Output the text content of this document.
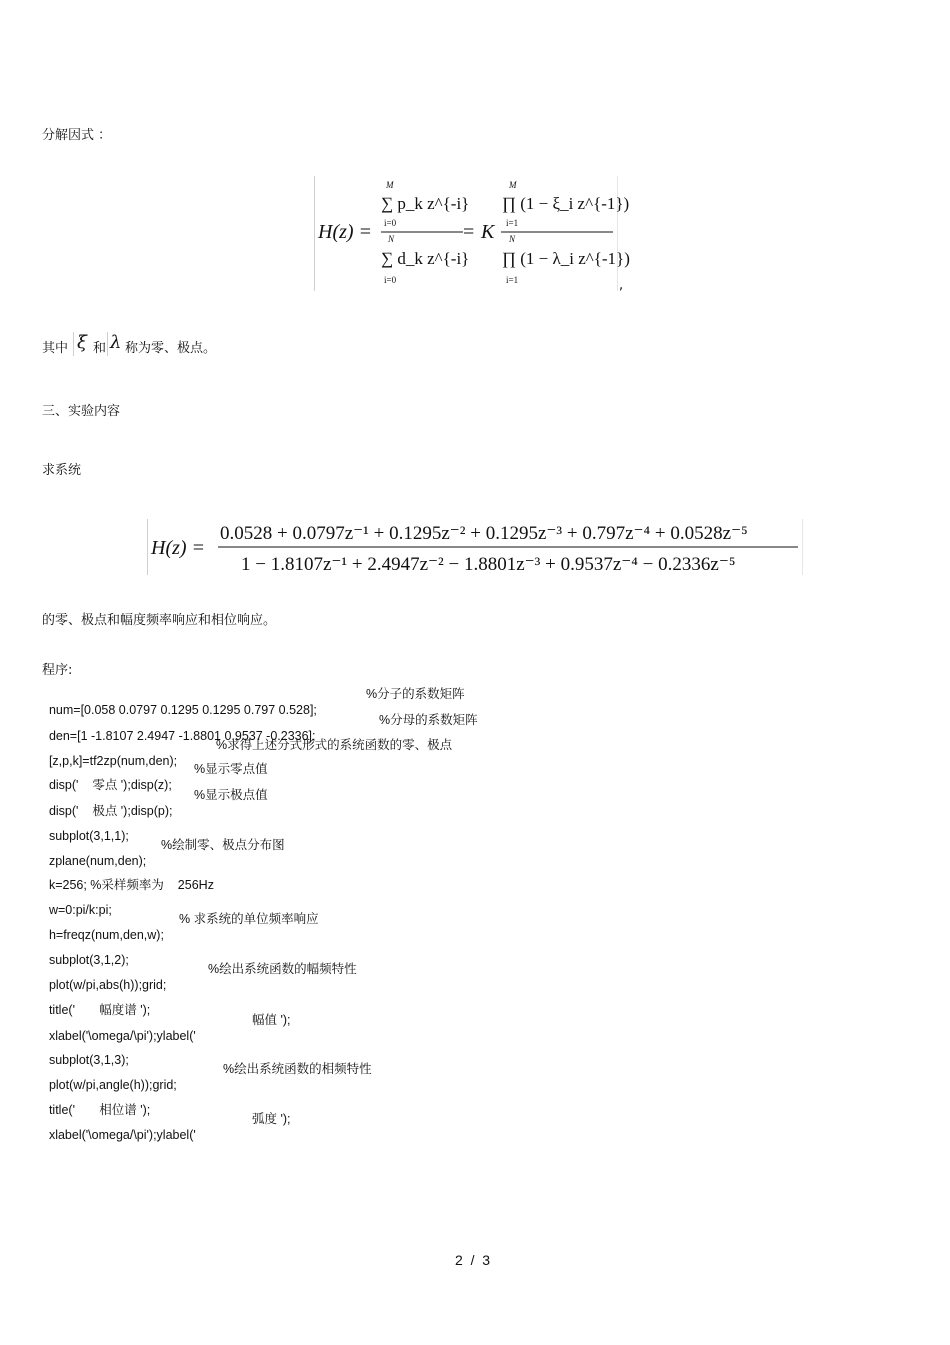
分解因式 ：
H(z) =
M
∑ p_k z^{-i}
i=0
N
∑ d_k z^{-i}
i=0
= K
M
∏ (1 − ξ_i z^{-1})
i=1
N
∏ (1 − λ_i z^{-1})
i=1	,
其中 ξ 和 λ 称为零、极点。
三、实验内容
求系统
H(z) =
0.0528 + 0.0797z⁻¹ + 0.1295z⁻² + 0.1295z⁻³ + 0.797z⁻⁴ + 0.0528z⁻⁵
1 − 1.8107z⁻¹ + 2.4947z⁻² − 1.8801z⁻³ + 0.9537z⁻⁴ − 0.2336z⁻⁵
的零、极点和幅度频率响应和相位响应。
程序:

num=[0.058 0.0797 0.1295 0.1295 0.797 0.528];
%分子的系数矩阵

den=[1 -1.8107 2.4947 -1.8801 0.9537 -0.2336];
%分母的系数矩阵

[z,p,k]=tf2zp(num,den);
%求得上述分式形式的系统函数的零、极点

disp('    零点 ');disp(z);
%显示零点值

disp('    极点 ');disp(p);
%显示极点值

subplot(3,1,1);

zplane(num,den);
%绘制零、极点分布图

k=256; %采样频率为    256Hz

w=0:pi/k:pi;

h=freqz(num,den,w);
% 求系统的单位频率响应

subplot(3,1,2);

plot(w/pi,abs(h));grid;
%绘出系统函数的幅频特性

title('       幅度谱 ');

xlabel('\omega/\pi');ylabel('
幅值 ');

subplot(3,1,3);

plot(w/pi,angle(h));grid;
%绘出系统函数的相频特性

title('       相位谱 ');

xlabel('\omega/\pi');ylabel('
弧度 ');

2  /  3
